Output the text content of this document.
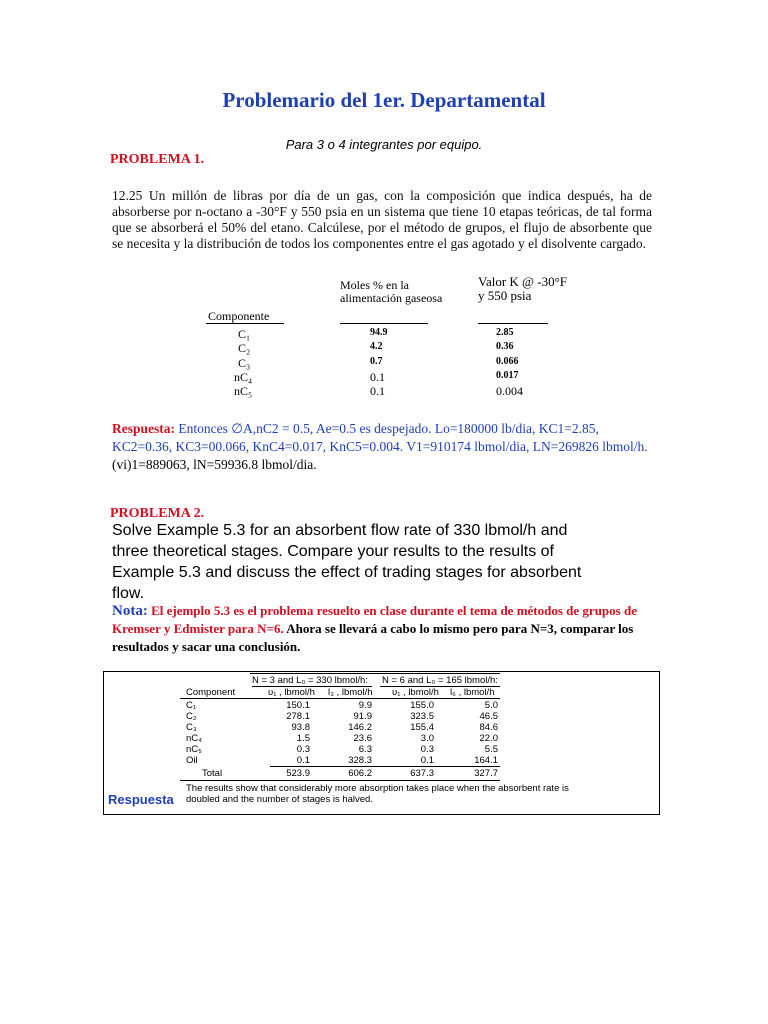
Problemario del 1er. Departamental
Para 3 o 4 integrantes por equipo.
PROBLEMA 1.
12.25 Un millón de libras por día de un gas, con la composición que indica después, ha de absorberse por n-octano a -30°F y 550 psia en un sistema que tiene 10 etapas teóricas, de tal forma que se absorberá el 50% del etano. Calcúlese, por el método de grupos, el flujo de absorbente que se necesita y la distribución de todos los componentes entre el gas agotado y el disolvente cargado.
Componente
Moles % en la alimentación gaseosa
Valor K @ -30°F y 550 psia
C₁	94.9	2.85
C₂	4.2	0.36
C₃	0.7	0.066
nC₄	0.1	0.017
nC₅	0.1	0.004
Respuesta: Entonces ∅A,nC2 = 0.5, Ae=0.5 es despejado. Lo=180000 lb/dia, KC1=2.85, KC2=0.36, KC3=00.066, KnC4=0.017, KnC5=0.004. V1=910174 lbmol/dia, LN=269826 lbmol/h. (vi)1=889063, lN=59936.8 lbmol/dia.
PROBLEMA 2.
Solve Example 5.3 for an absorbent flow rate of 330 lbmol/h and three theoretical stages. Compare your results to the results of Example 5.3 and discuss the effect of trading stages for absorbent flow.
Nota: El ejemplo 5.3 es el problema resuelto en clase durante el tema de métodos de grupos de Kremser y Edmister para N=6. Ahora se llevará a cabo lo mismo pero para N=3, comparar los resultados y sacar una conclusión.
N = 3 and L₀ = 330 lbmol/h: N = 6 and L₀ = 165 lbmol/h:
Component	υ₁ , lbmol/h l₃ , lbmol/h υ₁ , lbmol/h l₆ , lbmol/h
C₁	150.1	9.9	155.0	5.0
C₂	278.1	91.9	323.5	46.5
C₃	93.8	146.2	155.4	84.6
nC₄	1.5	23.6	3.0	22.0
nC₅	0.3	6.3	0.3	5.5
Oil	0.1	328.3	0.1	164.1
Total	523.9	606.2	637.3	327.7
The results show that considerably more absorption takes place when the absorbent rate is doubled and the number of stages is halved.
Respuesta
